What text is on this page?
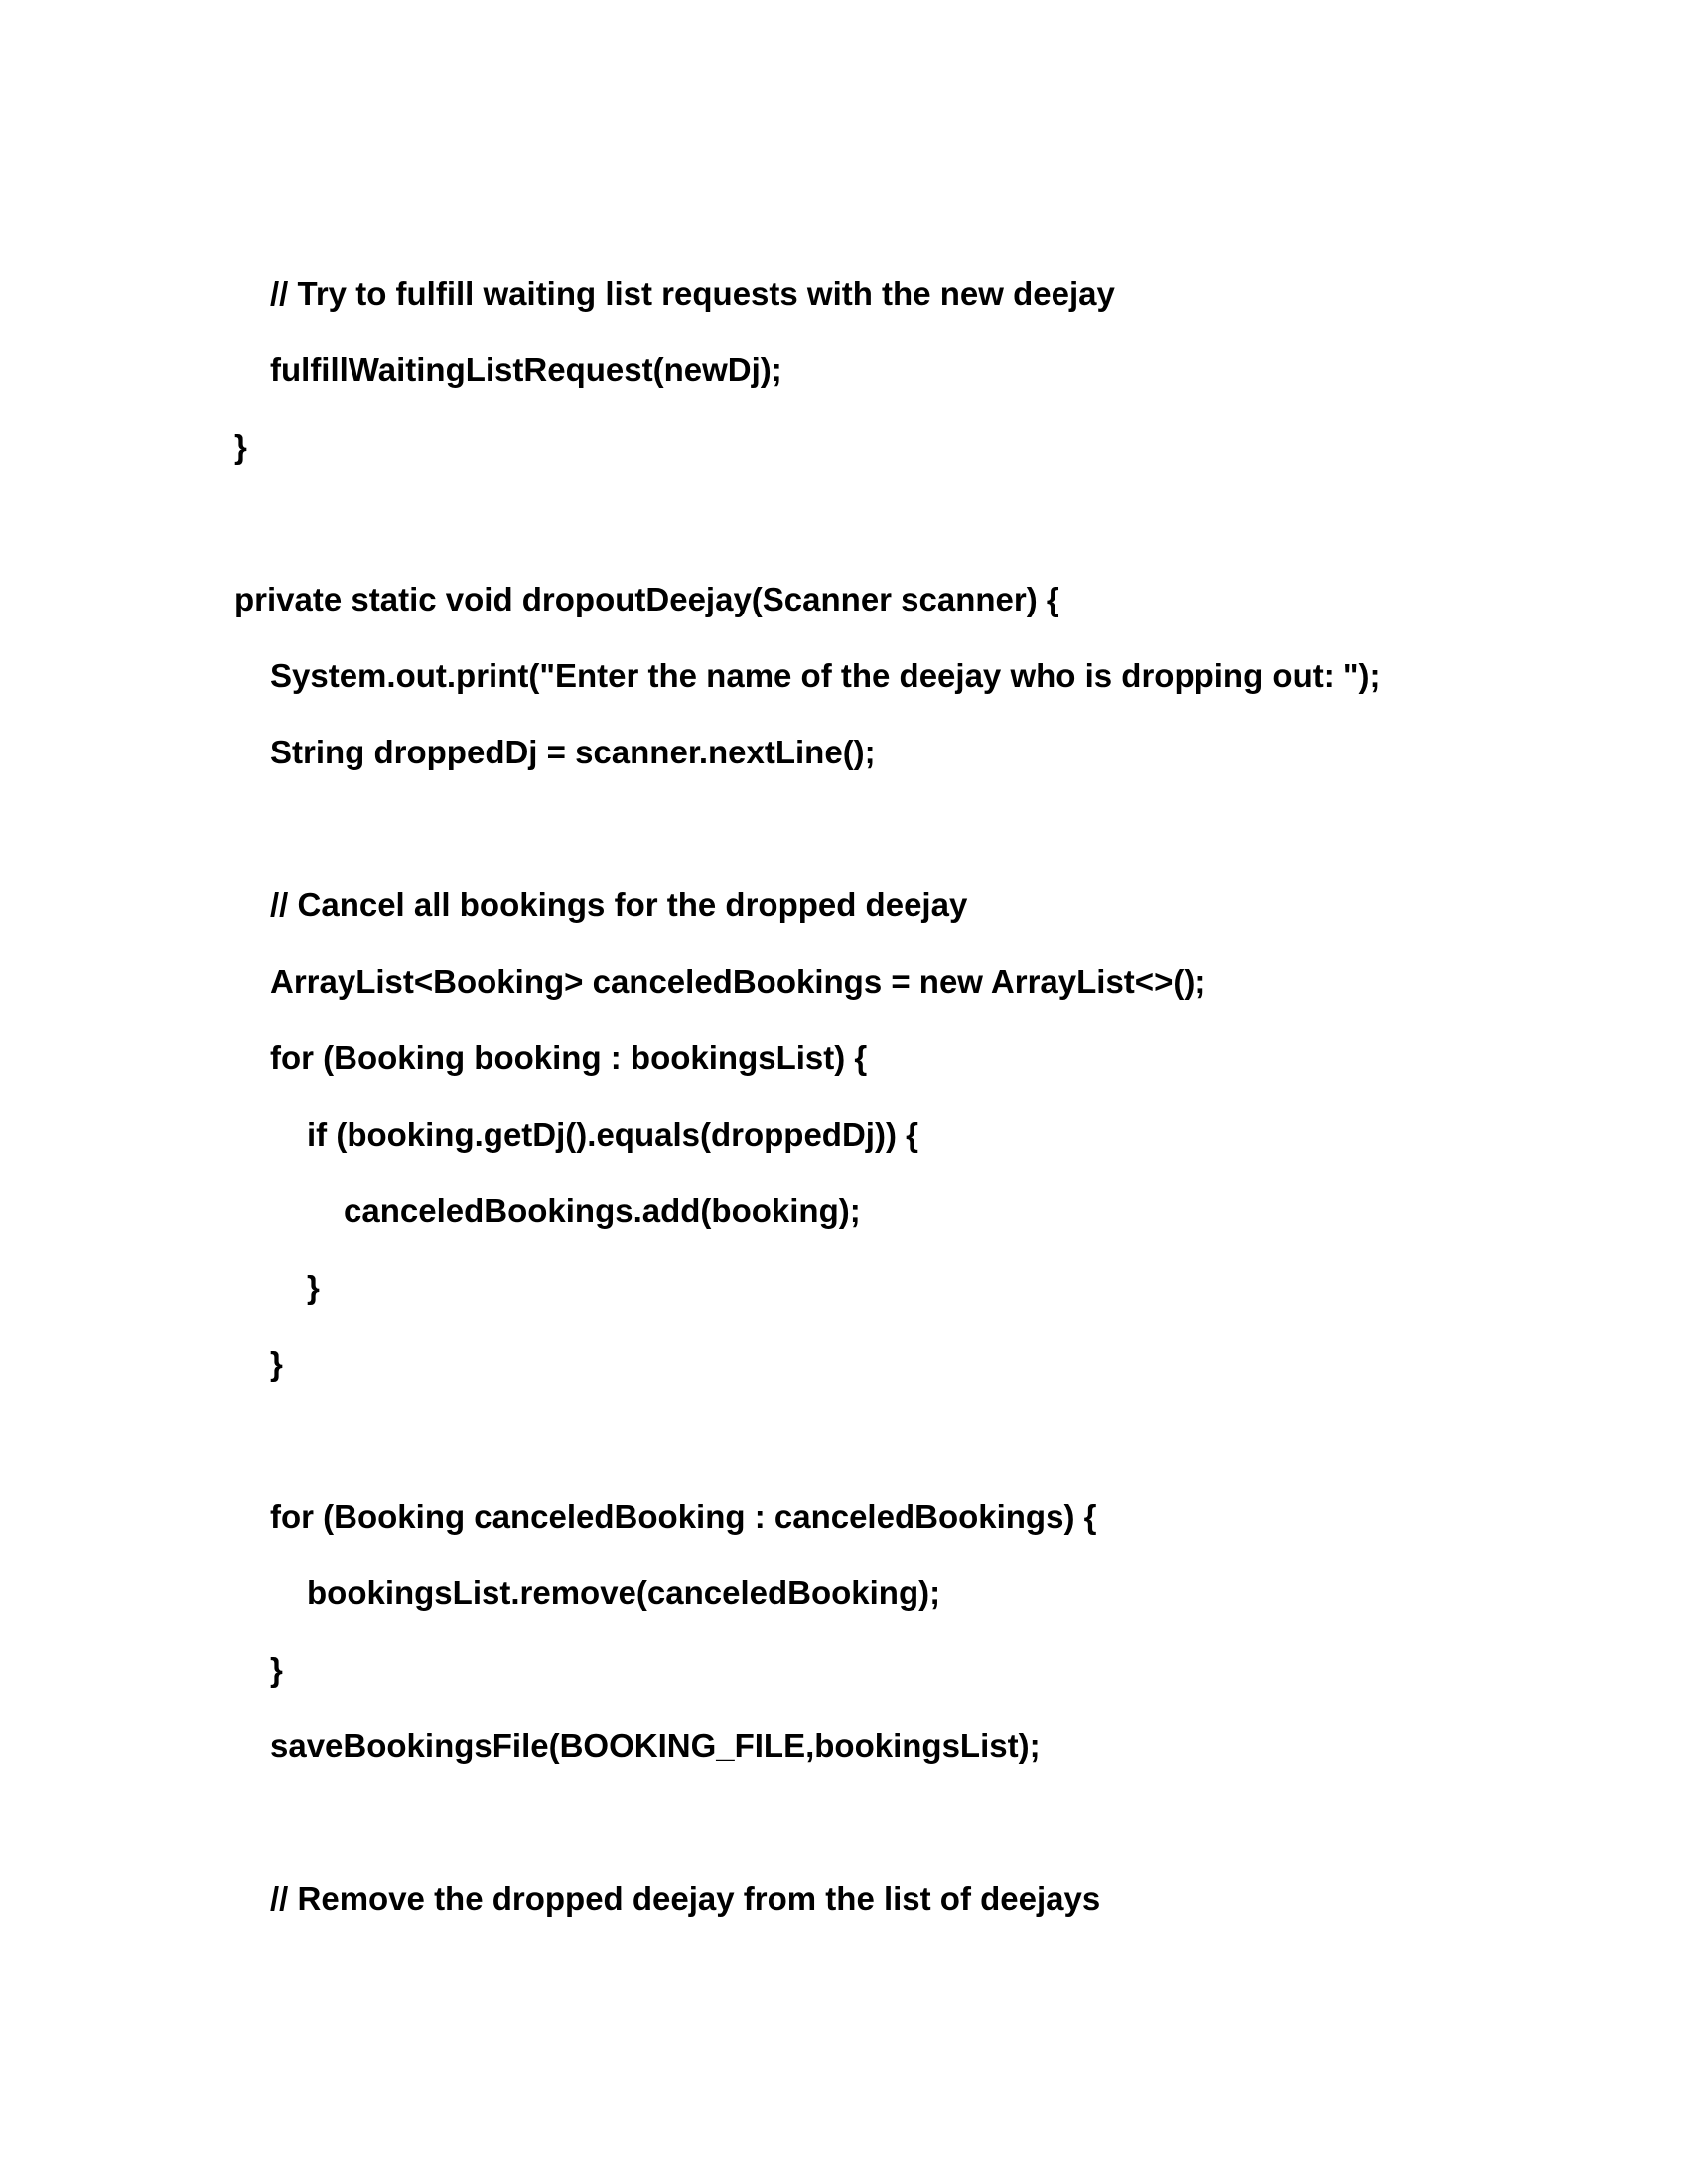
// Try to fulfill waiting list requests with the new deejay

fulfillWaitingListRequest(newDj);

}

private static void dropoutDeejay(Scanner scanner) {

System.out.print("Enter the name of the deejay who is dropping out: ");

String droppedDj = scanner.nextLine();

// Cancel all bookings for the dropped deejay

ArrayList<Booking> canceledBookings = new ArrayList<>();

for (Booking booking : bookingsList) {

if (booking.getDj().equals(droppedDj)) {

canceledBookings.add(booking);

}

}

for (Booking canceledBooking : canceledBookings) {

bookingsList.remove(canceledBooking);

}

saveBookingsFile(BOOKING_FILE,bookingsList);

// Remove the dropped deejay from the list of deejays
